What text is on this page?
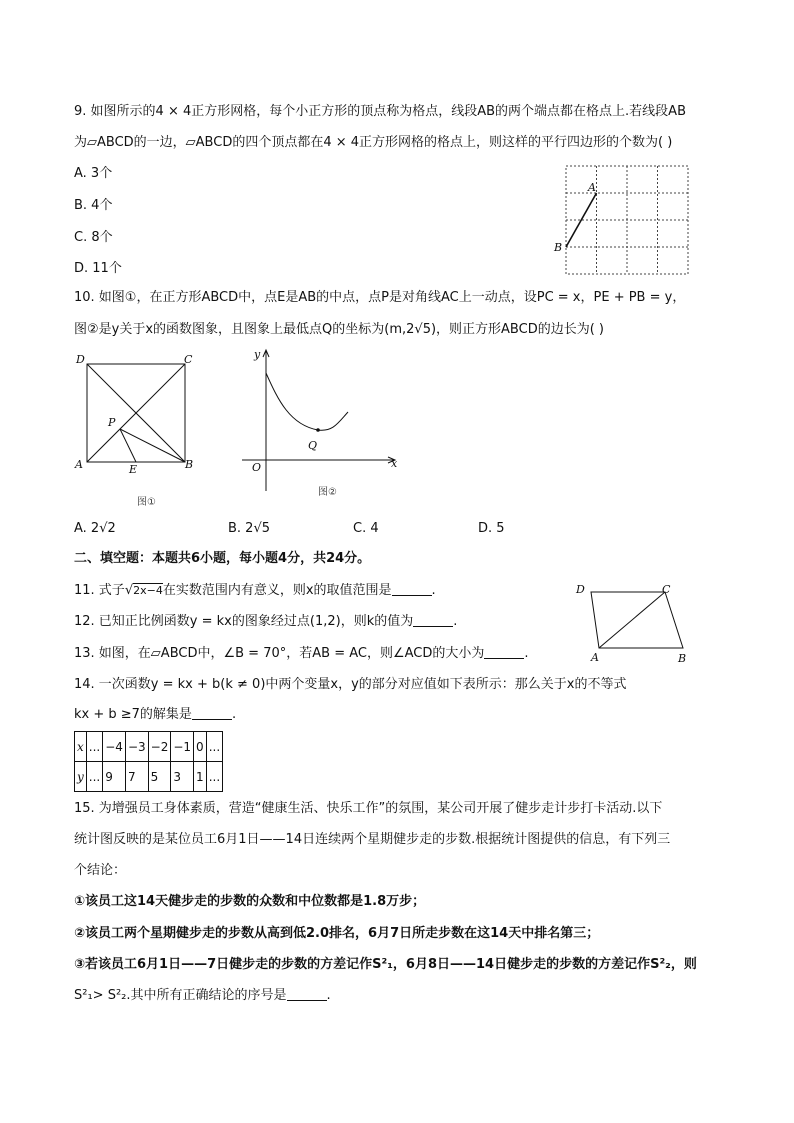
9. 如图所示的4 × 4正方形网格，每个小正方形的顶点称为格点，线段AB的两个端点都在格点上.若线段AB
为▱ABCD的一边，▱ABCD的四个顶点都在4 × 4正方形网格的格点上，则这样的平行四边形的个数为( )
A. 3个
B. 4个
C. 8个
D. 11个
A
B
10. 如图①，在正方形ABCD中，点E是AB的中点，点P是对角线AC上一动点，设PC = x，PE + PB = y，
图②是y关于x的函数图象，且图象上最低点Q的坐标为(m,2√5)，则正方形ABCD的边长为( )
D	C
P
A	E	B
图①
y
Q
O	x
图②
A. 2√2	B. 2√5	C. 4	D. 5
二、填空题：本题共6小题，每小题4分，共24分。
11. 式子√2x−4在实数范围内有意义，则x的取值范围是	.
12. 已知正比例函数y = kx的图象经过点(1,2)，则k的值为	.
13. 如图，在▱ABCD中，∠B = 70°，若AB = AC，则∠ACD的大小为	.
D	C
A	B
14. 一次函数y = kx + b(k ≠ 0)中两个变量x，y的部分对应值如下表所示：那么关于x的不等式
kx + b ≥7的解集是	.
x	...	−4	−3	−2	−1	0	...
y	...	9	7	5	3	1	...
15. 为增强员工身体素质，营造“健康生活、快乐工作”的氛围，某公司开展了健步走计步打卡活动.以下
统计图反映的是某位员工6月1日——14日连续两个星期健步走的步数.根据统计图提供的信息，有下列三
个结论：
①该员工这14天健步走的步数的众数和中位数都是1.8万步；
②该员工两个星期健步走的步数从高到低2.0排名，6月7日所走步数在这14天中排名第三；
③若该员工6月1日——7日健步走的步数的方差记作S²₁，6月8日——14日健步走的步数的方差记作S²₂，则
S²₁> S²₂.其中所有正确结论的序号是	.
